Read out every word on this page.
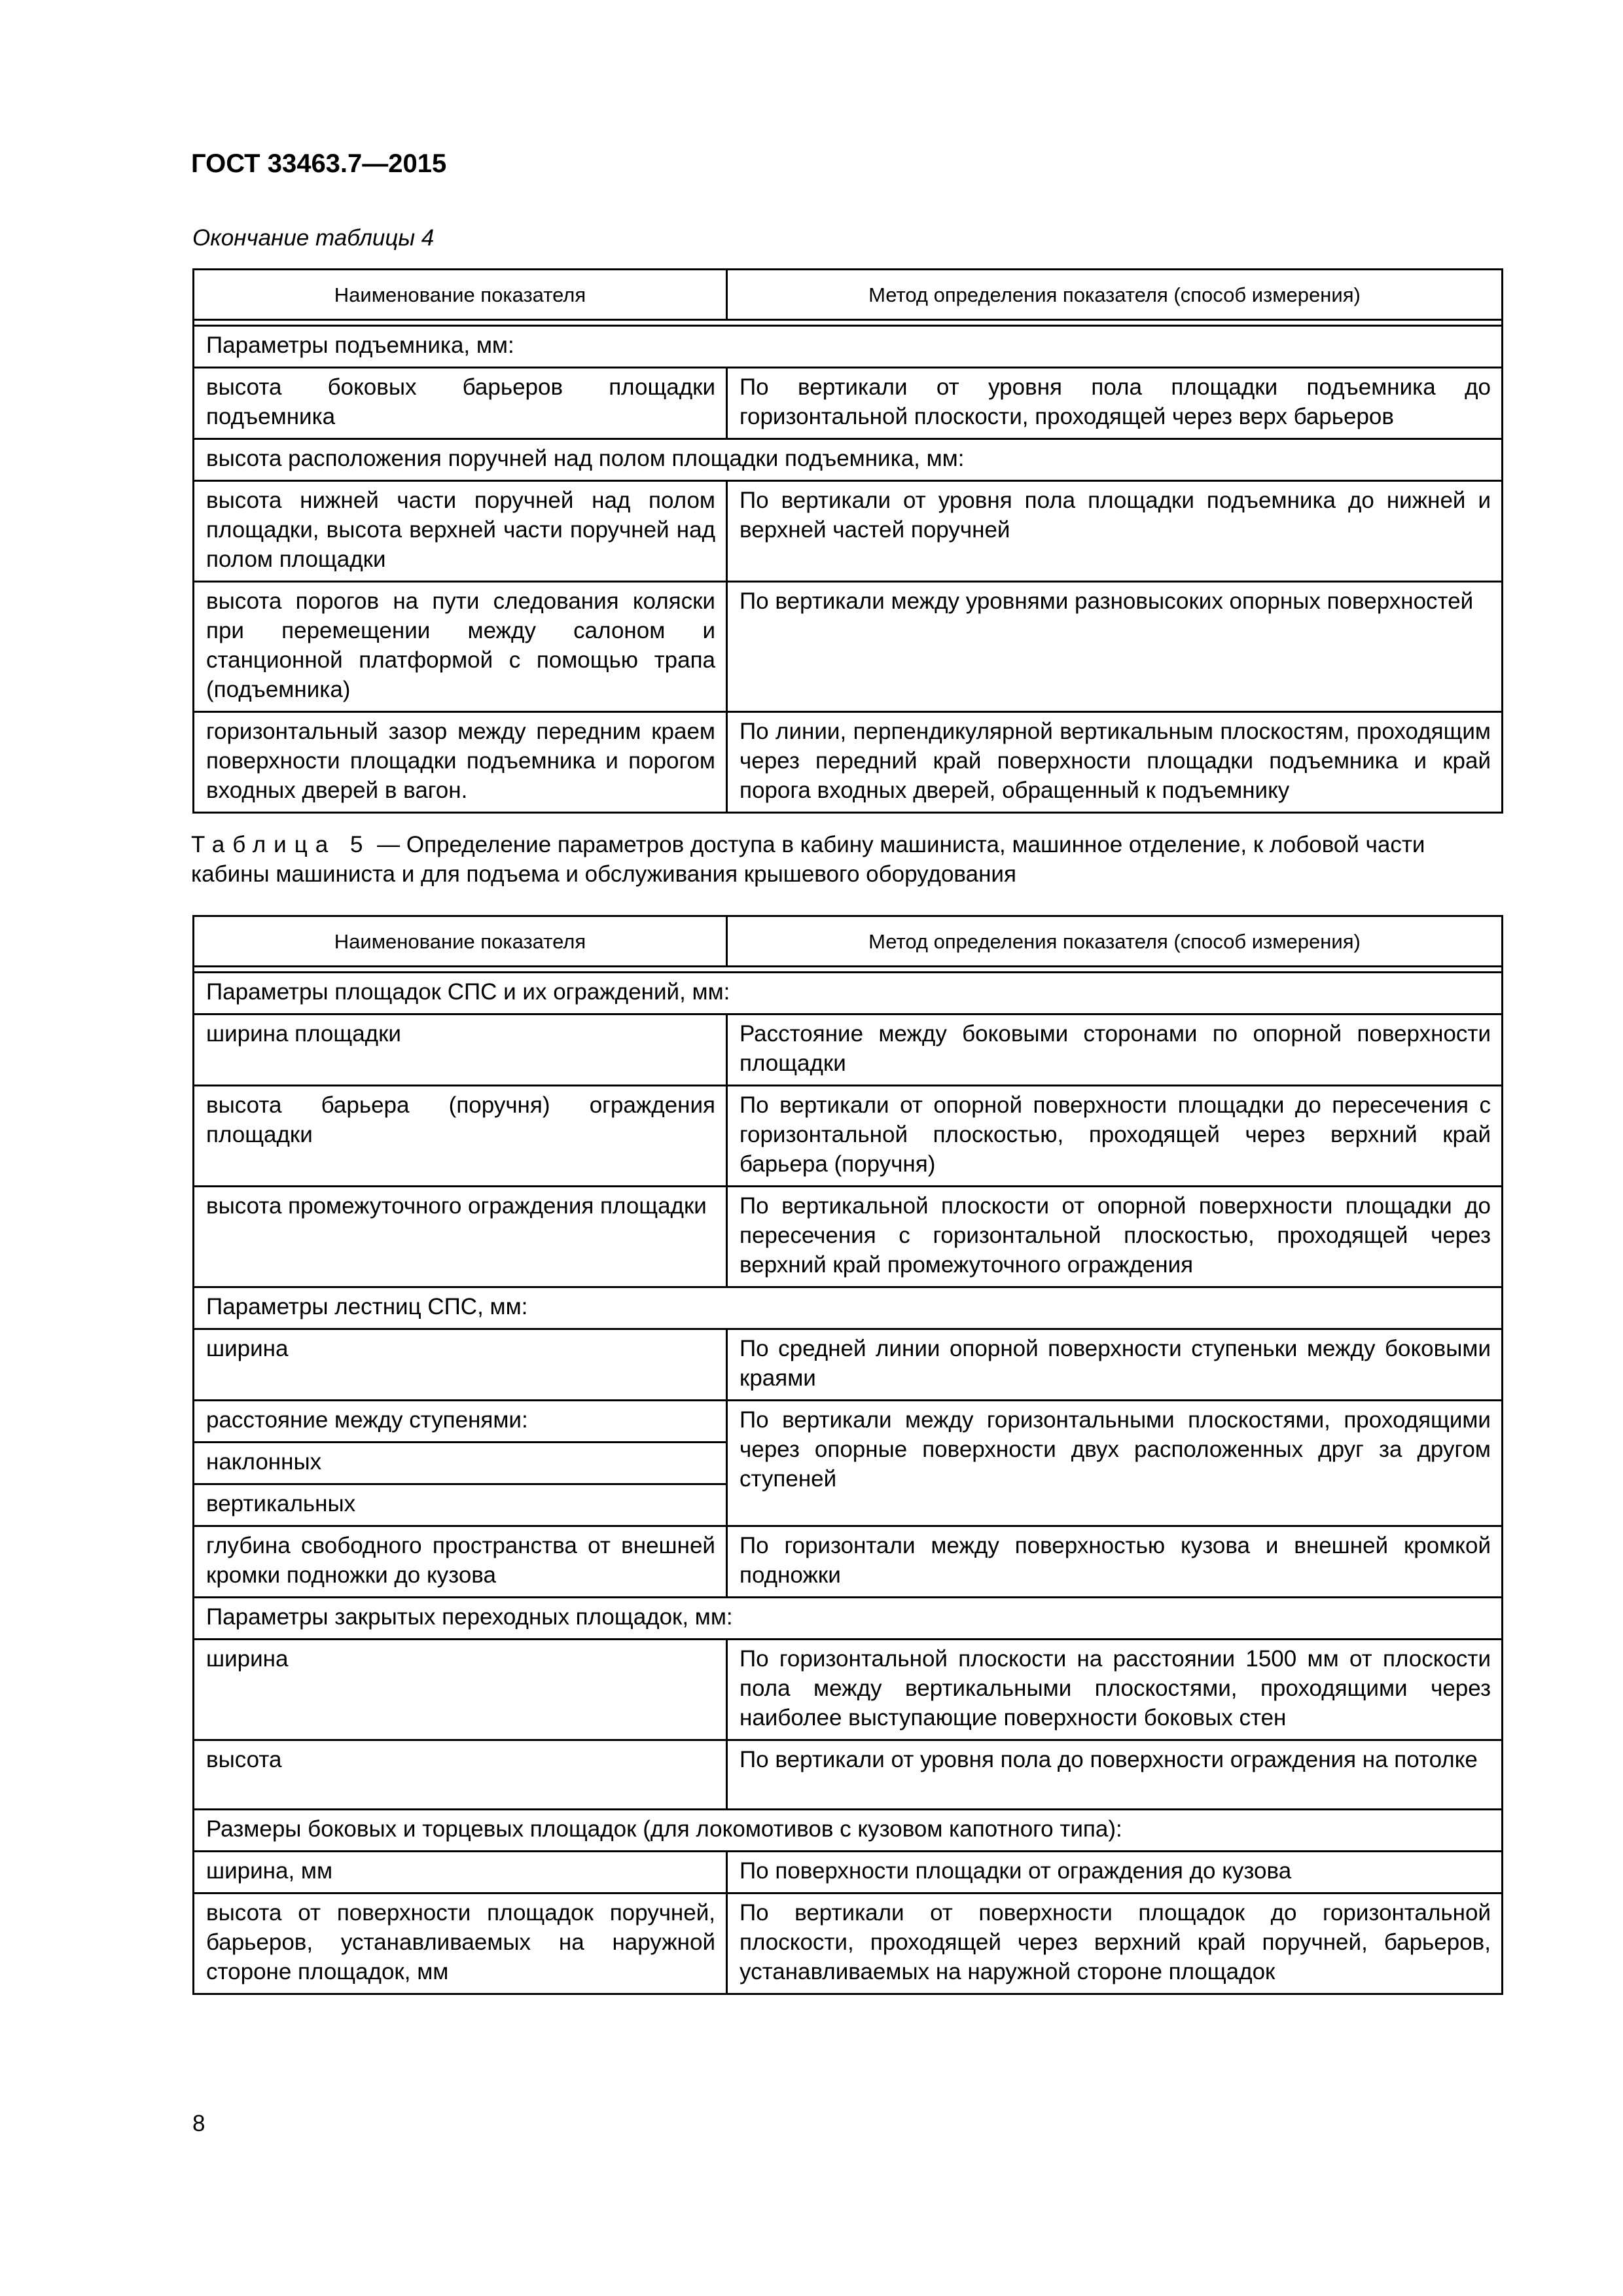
ГОСТ 33463.7—2015
Окончание таблицы 4
Наименование показателя	Метод определения показателя (способ измерения)

Параметры подъемника, мм:	
высота боковых барьеров площадки подъемника	По вертикали от уровня пола площадки подъемника до горизонтальной плоскости, проходящей через верх барьеров
высота расположения поручней над полом площадки подъемника, мм:	
высота нижней части поручней над полом площадки, высота верхней части поручней над полом площадки	По вертикали от уровня пола площадки подъемника до нижней и верхней частей поручней
высота порогов на пути следования коляски при перемещении между салоном и станционной платформой с помощью трапа (подъемника)	По вертикали между уровнями разновысоких опорных поверхностей
горизонтальный зазор между передним краем поверхности площадки подъемника и порогом входных дверей в вагон.	По линии, перпендикулярной вертикальным плоскостям, проходящим через передний край поверхности площадки подъемника и край порога входных дверей, обращенный к подъемнику
Таблица 5 — Определение параметров доступа в кабину машиниста, машинное отделение, к лобовой части кабины машиниста и для подъема и обслуживания крышевого оборудования
Наименование показателя	Метод определения показателя (способ измерения)

Параметры площадок СПС и их ограждений, мм:	
ширина площадки	Расстояние между боковыми сторонами по опорной поверхности площадки
высота барьера (поручня) ограждения площадки	По вертикали от опорной поверхности площадки до пересечения с горизонтальной плоскостью, проходящей через верхний край барьера (поручня)
высота промежуточного ограждения площадки	По вертикальной плоскости от опорной поверхности площадки до пересечения с горизонтальной плоскостью, проходящей через верхний край промежуточного ограждения
Параметры лестниц СПС, мм:	
ширина	По средней линии опорной поверхности ступеньки между боковыми краями
расстояние между ступенями:	По вертикали между горизонтальными плоскостями, проходящими через опорные поверхности двух расположенных друг за другом ступеней
наклонных	
вертикальных	
глубина свободного пространства от внешней кромки подножки до кузова	По горизонтали между поверхностью кузова и внешней кромкой подножки
Параметры закрытых переходных площадок, мм:	
ширина	По горизонтальной плоскости на расстоянии 1500 мм от плоскости пола между вертикальными плоскостями, проходящими через наиболее выступающие поверхности боковых стен
высота	По вертикали от уровня пола до поверхности ограждения на потолке
Размеры боковых и торцевых площадок (для локомотивов с кузовом капотного типа):	
ширина, мм	По поверхности площадки от ограждения до кузова
высота от поверхности площадок поручней, барьеров, устанавливаемых на наружной стороне площадок, мм	По вертикали от поверхности площадок до горизонтальной плоскости, проходящей через верхний край поручней, барьеров, устанавливаемых на наружной стороне площадок
8
